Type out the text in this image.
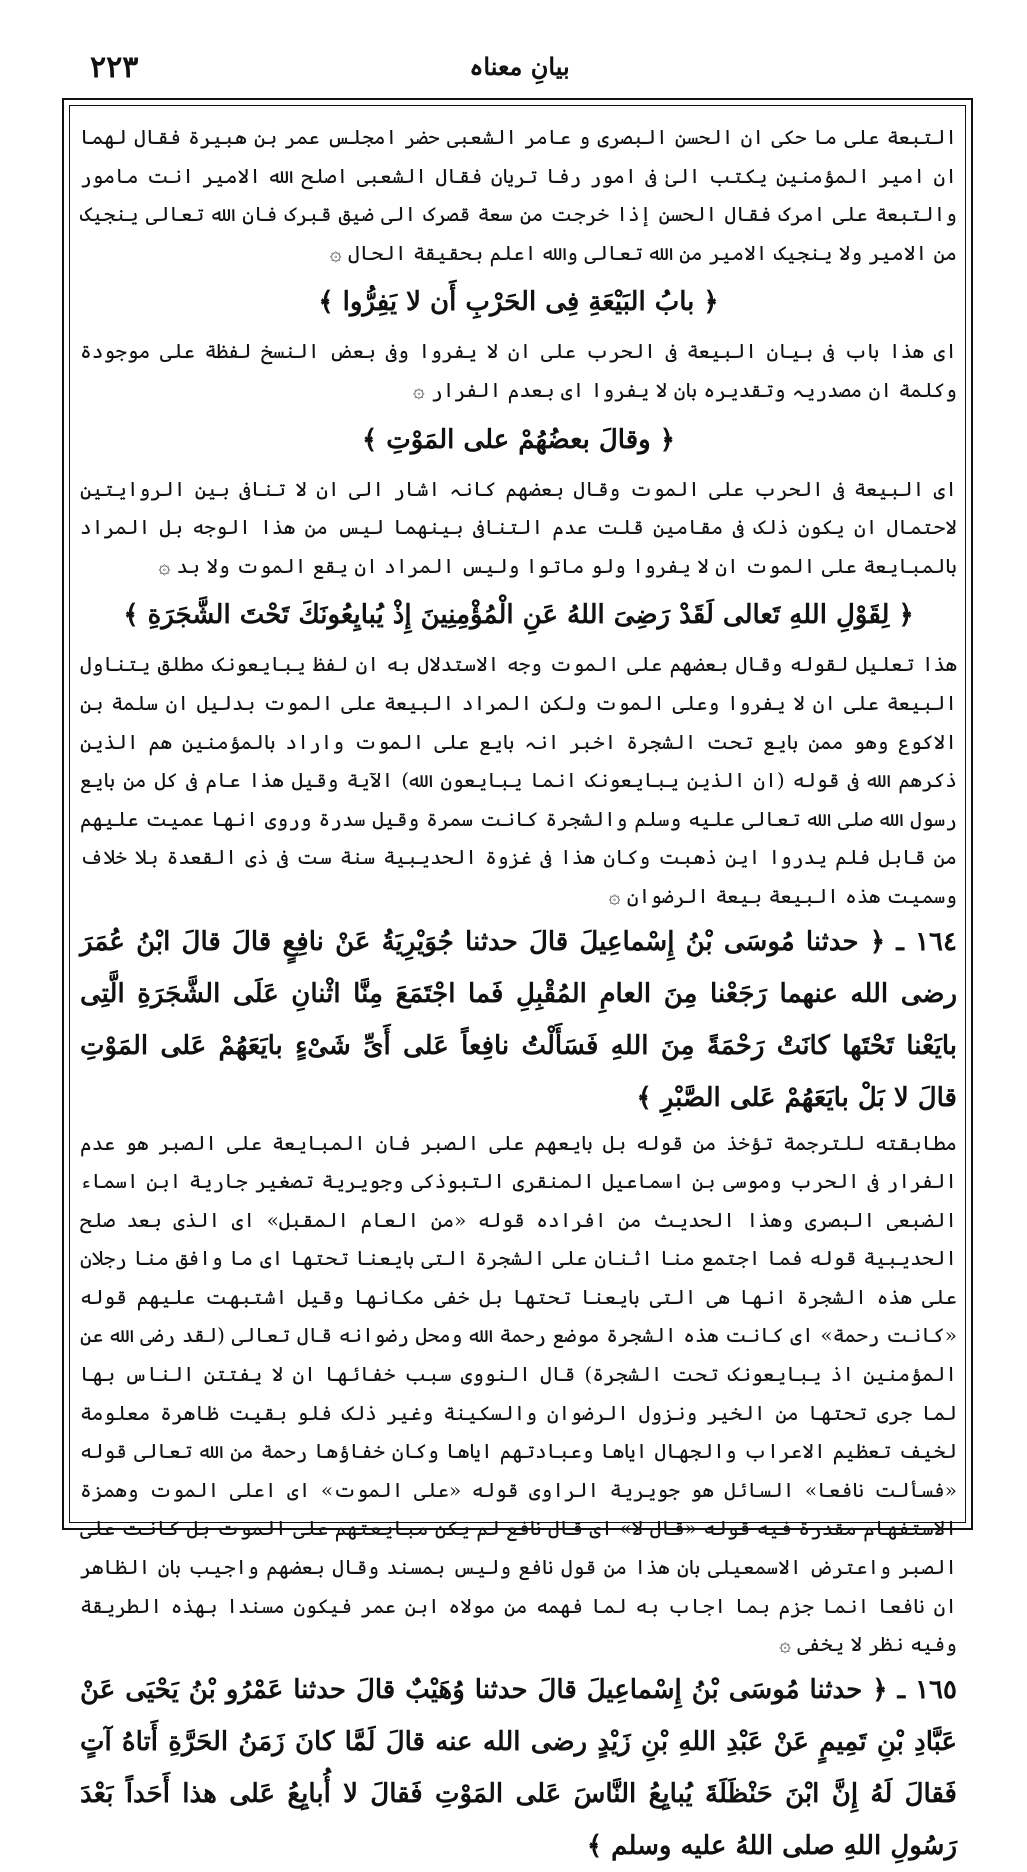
٢٢٣	بیانِ معناہ

التبعة علی ما حکی ان الحسن البصری و عامر الشعبی حضر امجلس عمر بن هبیرة فقال لهما ان امیر المؤمنین یکتب الیٰ فی امور رفا تریان فقال الشعبی اصلح الله الامیر انت مامور والتبعة علی امرک فقال الحسن إذا خرجت من سعة قصرک الی ضیق قبرک فان الله تعالی ینجیک من الامیر ولا ینجیک الامیر من الله تعالی والله اعلم بحقیقة الحال ۞

﴿ بابُ البَیْعَةِ فِی الحَرْبِ أَن لا یَفِرُّوا ﴾

ای هذا باب فی بیان البیعة فی الحرب علی ان لا یفروا وفی بعض النسخ لفظة علی موجودة وکلمة ان مصدریہ وتقدیرہ بان لا یفروا ای بعدم الفرار ۞

﴿ وقالَ بعضُهُمْ علی المَوْتِ ﴾

ای البیعة فی الحرب علی الموت وقال بعضهم کانہ اشار الی ان لا تنافی بین الروایتین لاحتمال ان یکون ذلک فی مقامین قلت عدم التنافی بینهما لیس من هذا الوجه بل المراد بالمبایعة علی الموت ان لا یفروا ولو ماتوا ولیس المراد ان یقع الموت ولا بد ۞

﴿ لِقَوْلِ اللهِ تَعالی لَقَدْ رَضِیَ اللهُ عَنِ الْمُؤْمِنِینَ إِذْ یُبایِعُونَكَ تَحْتَ الشَّجَرَةِ ﴾

هذا تعلیل لقوله وقال بعضهم علی الموت وجه الاستدلال به ان لفظ یبایعونک مطلق یتناول البیعة علی ان لا یفروا وعلی الموت ولکن المراد البیعة علی الموت بدلیل ان سلمة بن الاکوع وهو ممن بایع تحت الشجرة اخبر انہ بایع علی الموت واراد بالمؤمنین هم الذین ذکرهم الله فی قوله (ان الذین یبایعونک انما یبایعون الله) الآیة وقیل هذا عام فی کل من بایع رسول الله صلی الله تعالی علیه وسلم والشجرة کانت سمرة وقیل سدرة وروی انها عمیت علیهم من قابل فلم یدروا این ذهبت وکان هذا فی غزوة الحدیبیة سنة ست فی ذی القعدة بلا خلاف وسمیت هذه البیعة بیعة الرضوان ۞

١٦٤ ـ ﴿ حدثنا مُوسَی بْنُ إِسْماعِیلَ قالَ حدثنا جُوَیْرِیَةُ عَنْ نافِعٍ قالَ قالَ ابْنُ عُمَرَ رضی الله عنهما رَجَعْنا مِنَ العامِ المُقْبِلِ فَما اجْتَمَعَ مِنَّا اثْنانِ عَلَی الشَّجَرَةِ الَّتِی بایَعْنا تَحْتَها کانَتْ رَحْمَةً مِنَ اللهِ فَسَأَلْتُ نافِعاً عَلی أَیِّ شَیْءٍ بایَعَهُمْ عَلی المَوْتِ قالَ لا بَلْ بایَعَهُمْ عَلی الصَّبْرِ ﴾

مطابقته للترجمة تؤخذ من قوله بل بایعهم علی الصبر فان المبایعة علی الصبر هو عدم الفرار فی الحرب وموسی بن اسماعیل المنقری التبوذکی وجویریة تصغیر جاریة ابن اسماء الضبعی البصری وهذا الحدیث من افرادہ قوله «من العام المقبل» ای الذی بعد صلح الحدیبیة قوله فما اجتمع منا اثنان علی الشجرة التی بایعنا تحتها ای ما وافق منا رجلان علی هذه الشجرة انها هی التی بایعنا تحتها بل خفی مکانها وقیل اشتبهت علیهم قوله «کانت رحمة» ای کانت هذه الشجرة موضع رحمة الله ومحل رضوانه قال تعالی (لقد رضی الله عن المؤمنین اذ یبایعونک تحت الشجرة) قال النووی سبب خفائها ان لا یفتتن الناس بها لما جری تحتها من الخیر ونزول الرضوان والسکینة وغیر ذلک فلو بقیت ظاهرة معلومة لخیف تعظیم الاعراب والجهال ایاها وعبادتهم ایاها وکان خفاؤها رحمة من الله تعالی قوله «فسألت نافعا» السائل هو جویریة الراوی قوله «علی الموت» ای اعلی الموت وهمزة الاستفهام مقدرة فیه قوله «قال لا» ای قال نافع لم یکن مبایعتهم علی الموت بل کانت علی الصبر واعترض الاسمعیلی بان هذا من قول نافع ولیس بمسند وقال بعضهم واجیب بان الظاهر ان نافعا انما جزم بما اجاب به لما فهمه من مولاه ابن عمر فیکون مسندا بهذه الطریقة وفیه نظر لا یخفی ۞

١٦٥ ـ ﴿ حدثنا مُوسَی بْنُ إِسْماعِیلَ قالَ حدثنا وُهَیْبٌ قالَ حدثنا عَمْرُو بْنُ یَحْیَی عَنْ عَبَّادِ بْنِ تَمِیمٍ عَنْ عَبْدِ اللهِ بْنِ زَیْدٍ رضی الله عنه قالَ لَمَّا کانَ زَمَنُ الحَرَّةِ أَتاهُ آتٍ فَقالَ لَهُ إِنَّ ابْنَ حَنْظَلَةَ یُبایِعُ النَّاسَ عَلی المَوْتِ فَقالَ لا أُبایِعُ عَلی هذا أَحَداً بَعْدَ رَسُولِ اللهِ صلی اللهُ علیه وسلم ﴾
